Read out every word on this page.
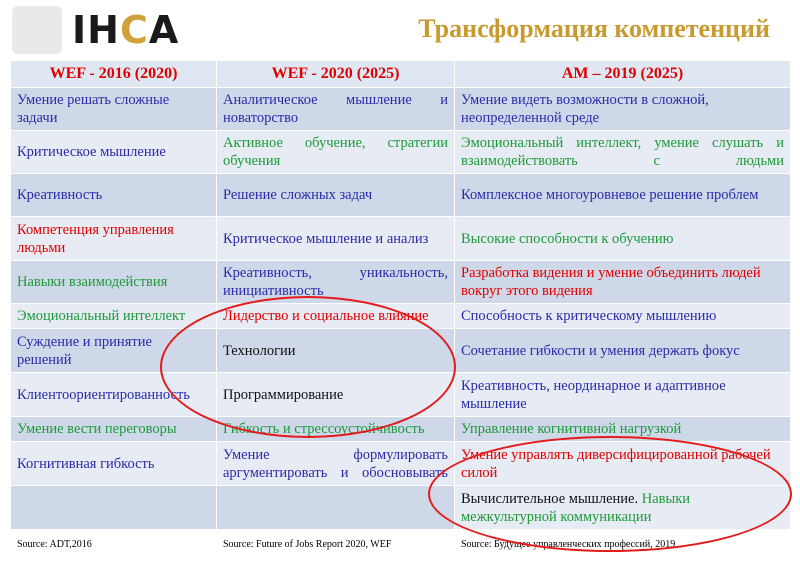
IHCA	Трансформация компетенций
WEF - 2016 (2020)	WEF - 2020 (2025)	AM – 2019 (2025)
Умение решать сложные задачи	Аналитическое мышление и новаторство	Умение видеть возможности в сложной, неопределенной среде
Критическое мышление	Активное обучение, стратегии обучения	Эмоциональный интеллект, умение слушать и взаимодействовать с людьми
Креативность	Решение сложных задач	Комплексное многоуровневое решение проблем
Компетенция управления людьми	Критическое мышление и анализ	Высокие способности к обучению
Навыки взаимодействия	Креативность, уникальность, инициативность	Разработка видения и умение объединить людей вокруг этого видения
Эмоциональный интеллект	Лидерство и социальное влияние	Способность к критическому мышлению
Суждение и принятие решений	Технологии	Сочетание гибкости и умения держать фокус
Клиентоориентированность	Программирование	Креативность, неординарное и адаптивное мышление
Умение вести переговоры	Гибкость и стрессоустойчивость	Управление когнитивной нагрузкой
Когнитивная гибкость	Умение формулировать аргументировать и обосновывать	Умение управлять диверсифицированной рабочей силой
		Вычислительное мышление. Навыки межкультурной коммуникации
Source: ADT,2016	Source: Future of Jobs Report 2020, WEF	Source: Будущее управленческих профессий, 2019
